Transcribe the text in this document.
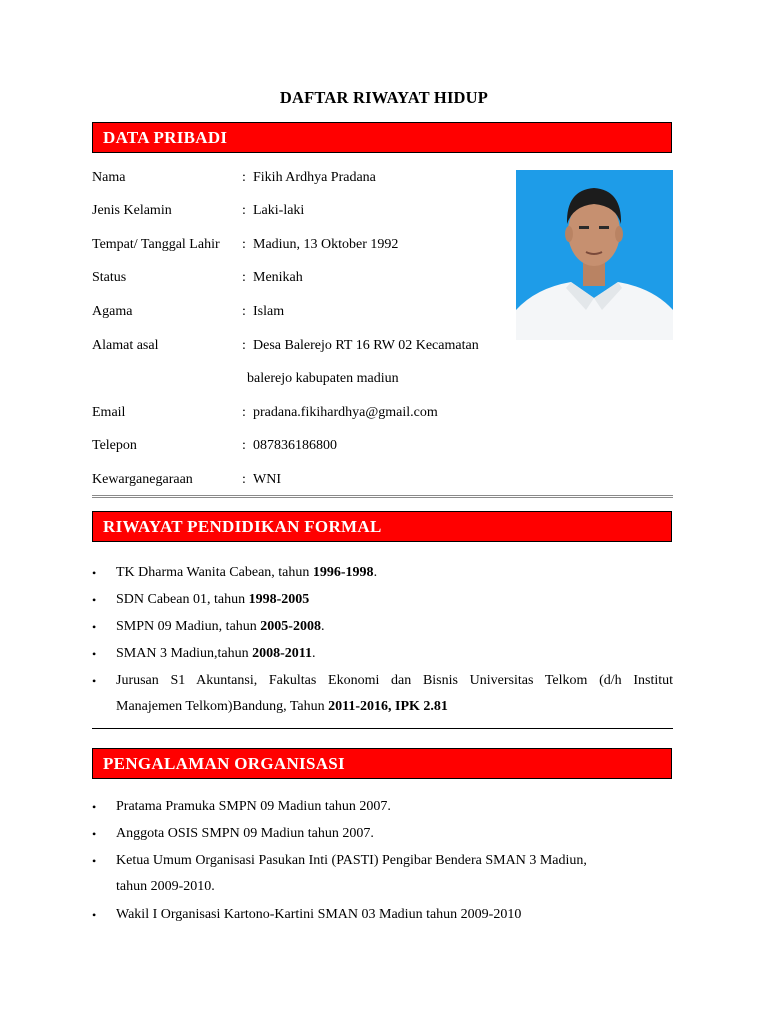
DAFTAR RIWAYAT HIDUP
DATA PRIBADI
Nama	: Fikih Ardhya Pradana
Jenis Kelamin	: Laki-laki
Tempat/ Tanggal Lahir : Madiun, 13 Oktober 1992
Status	: Menikah
Agama	: Islam
Alamat asal	: Desa Balerejo RT 16 RW 02 Kecamatan
balerejo kabupaten madiun
Email	: pradana.fikihardhya@gmail.com
Telepon	: 087836186800
Kewarganegaraan	: WNI
RIWAYAT PENDIDIKAN FORMAL
• TK Dharma Wanita Cabean, tahun 1996-1998.
• SDN Cabean 01, tahun 1998-2005
• SMPN 09 Madiun, tahun 2005-2008.
• SMAN 3 Madiun,tahun 2008-2011.
• Jurusan S1 Akuntansi, Fakultas Ekonomi dan Bisnis Universitas Telkom (d/h Institut
Manajemen Telkom)Bandung, Tahun 2011-2016, IPK 2.81
PENGALAMAN ORGANISASI
• Pratama Pramuka SMPN 09 Madiun tahun 2007.
• Anggota OSIS SMPN 09 Madiun tahun 2007.
• Ketua Umum Organisasi Pasukan Inti (PASTI) Pengibar Bendera SMAN 3 Madiun,
tahun 2009-2010.
• Wakil I Organisasi Kartono-Kartini SMAN 03 Madiun tahun 2009-2010
